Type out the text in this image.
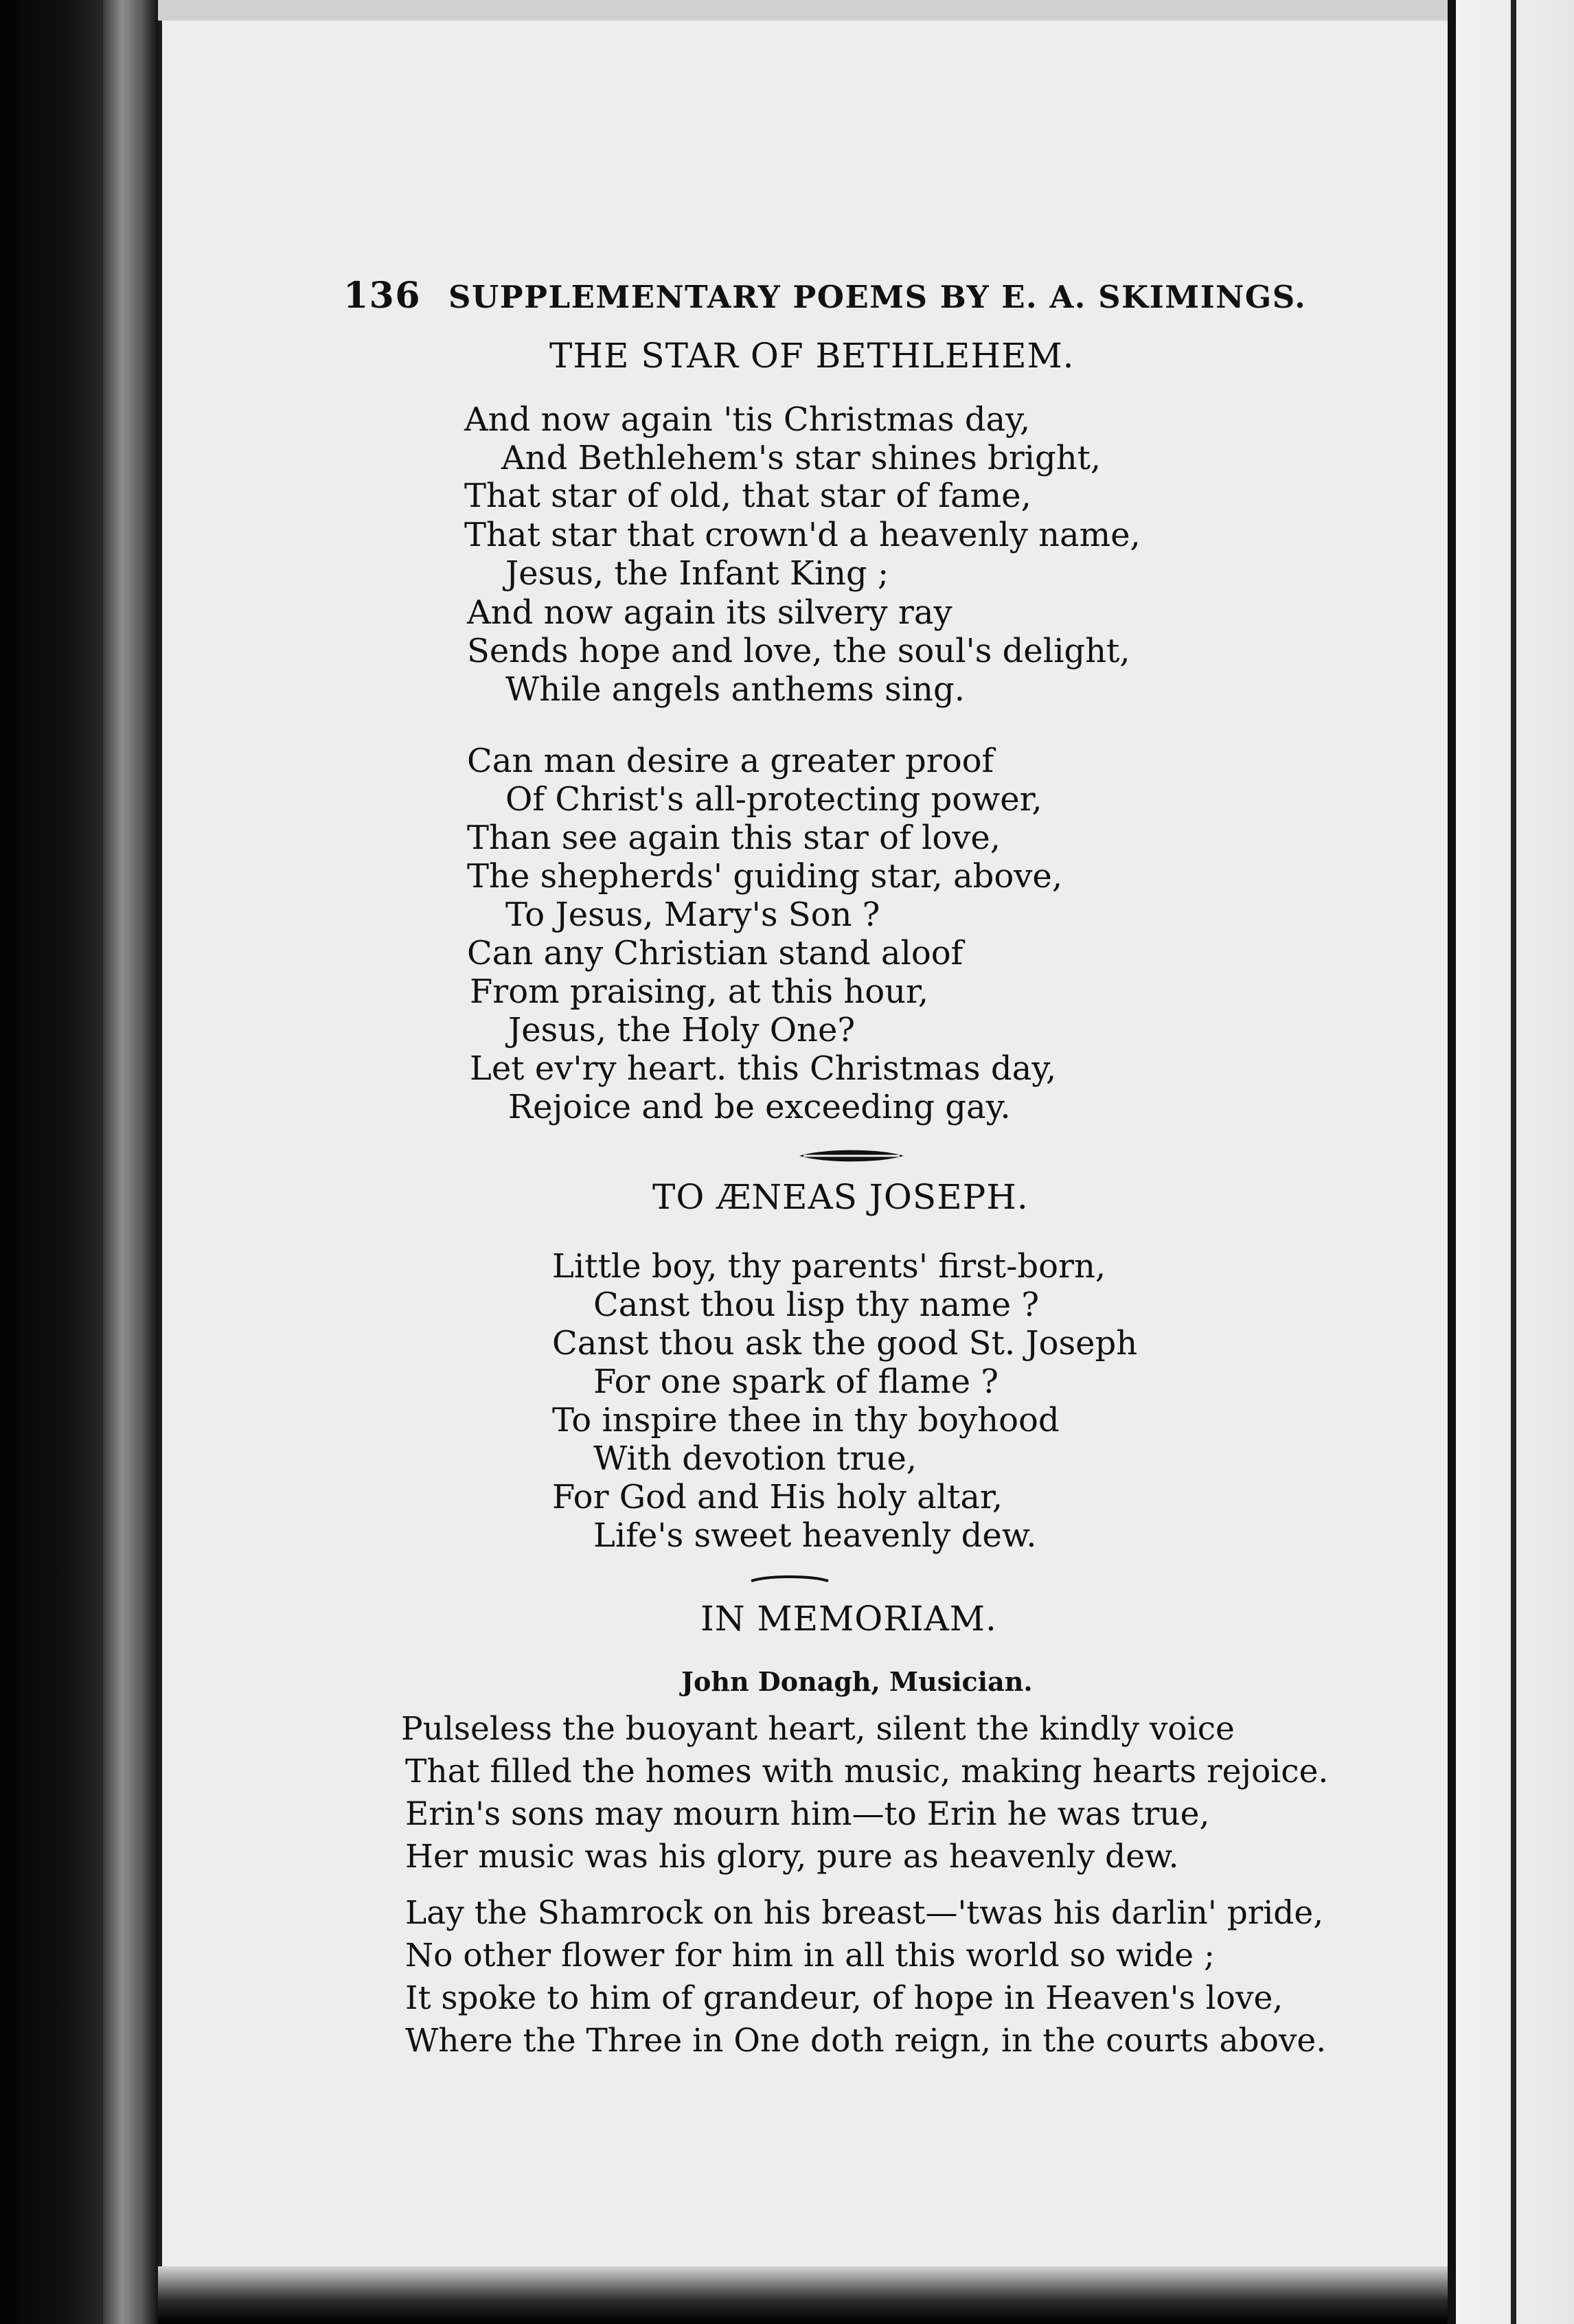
136 SUPPLEMENTARY POEMS BY E. A. SKIMINGS.
THE STAR OF BETHLEHEM.
And now again 'tis Christmas day,
And Bethlehem's star shines bright,
That star of old, that star of fame,
That star that crown'd a heavenly name,
Jesus, the Infant King ;
And now again its silvery ray
Sends hope and love, the soul's delight,
While angels anthems sing.
Can man desire a greater proof
Of Christ's all-protecting power,
Than see again this star of love,
The shepherds' guiding star, above,
To Jesus, Mary's Son ?
Can any Christian stand aloof
From praising, at this hour,
Jesus, the Holy One?
Let ev'ry heart. this Christmas day,
Rejoice and be exceeding gay.
TO ÆNEAS JOSEPH.
Little boy, thy parents' first-born,
Canst thou lisp thy name ?
Canst thou ask the good St. Joseph
For one spark of flame ?
To inspire thee in thy boyhood
With devotion true,
For God and His holy altar,
Life's sweet heavenly dew.
IN MEMORIAM.
John Donagh, Musician.
Pulseless the buoyant heart, silent the kindly voice
That filled the homes with music, making hearts rejoice.
Erin's sons may mourn him—to Erin he was true,
Her music was his glory, pure as heavenly dew.
Lay the Shamrock on his breast—'twas his darlin' pride,
No other flower for him in all this world so wide ;
It spoke to him of grandeur, of hope in Heaven's love,
Where the Three in One doth reign, in the courts above.
